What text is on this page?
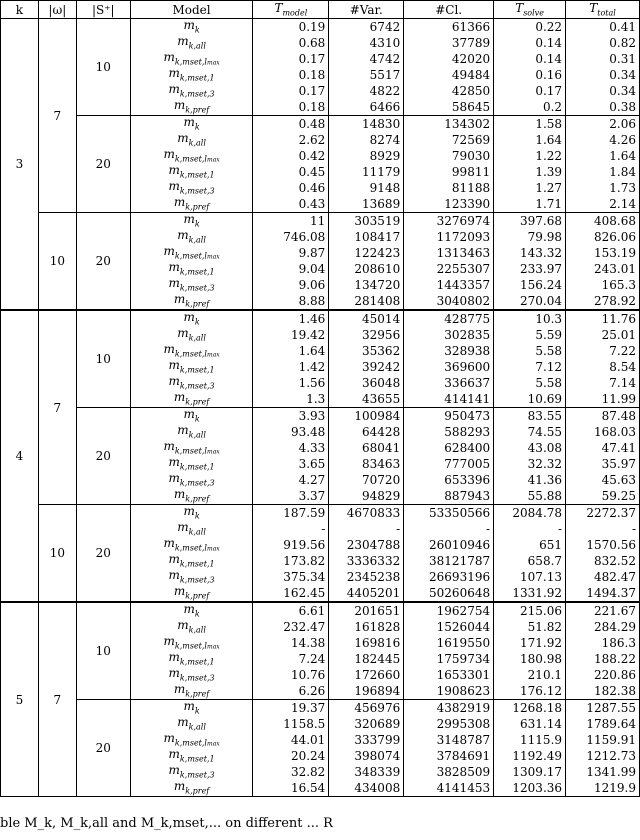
k	|ω|	|S⁺|	Model	$T_{model}$	#Var.	#Cl.	$T_{solve}$	$T_{total}$
3	7	10	$m_k$	0.19	6742	61366	0.22	0.41
			$m_{k,all}$	0.68	4310	37789	0.14	0.82
			$m_{k,mset,lmax}$	0.17	4742	42020	0.14	0.31
			$m_{k,mset,1}$	0.18	5517	49484	0.16	0.34
			$m_{k,mset,3}$	0.17	4822	42850	0.17	0.34
			$m_{k,pref}$	0.18	6466	58645	0.2	0.38
		20	$m_k$	0.48	14830	134302	1.58	2.06
			$m_{k,all}$	2.62	8274	72569	1.64	4.26
			$m_{k,mset,lmax}$	0.42	8929	79030	1.22	1.64
			$m_{k,mset,1}$	0.45	11179	99811	1.39	1.84
			$m_{k,mset,3}$	0.46	9148	81188	1.27	1.73
			$m_{k,pref}$	0.43	13689	123390	1.71	2.14
	10	20	$m_k$	11	303519	3276974	397.68	408.68
			$m_{k,all}$	746.08	108417	1172093	79.98	826.06
			$m_{k,mset,lmax}$	9.87	122423	1313463	143.32	153.19
			$m_{k,mset,1}$	9.04	208610	2255307	233.97	243.01
			$m_{k,mset,3}$	9.06	134720	1443357	156.24	165.3
			$m_{k,pref}$	8.88	281408	3040802	270.04	278.92
4	7	10	$m_k$	1.46	45014	428775	10.3	11.76
			$m_{k,all}$	19.42	32956	302835	5.59	25.01
			$m_{k,mset,lmax}$	1.64	35362	328938	5.58	7.22
			$m_{k,mset,1}$	1.42	39242	369600	7.12	8.54
			$m_{k,mset,3}$	1.56	36048	336637	5.58	7.14
			$m_{k,pref}$	1.3	43655	414141	10.69	11.99
		20	$m_k$	3.93	100984	950473	83.55	87.48
			$m_{k,all}$	93.48	64428	588293	74.55	168.03
			$m_{k,mset,lmax}$	4.33	68041	628400	43.08	47.41
			$m_{k,mset,1}$	3.65	83463	777005	32.32	35.97
			$m_{k,mset,3}$	4.27	70720	653396	41.36	45.63
			$m_{k,pref}$	3.37	94829	887943	55.88	59.25
	10	20	$m_k$	187.59	4670833	53350566	2084.78	2272.37
			$m_{k,all}$	-	-	-	-	-
			$m_{k,mset,lmax}$	919.56	2304788	26010946	651	1570.56
			$m_{k,mset,1}$	173.82	3336332	38121787	658.7	832.52
			$m_{k,mset,3}$	375.34	2345238	26693196	107.13	482.47
			$m_{k,pref}$	162.45	4405201	50260648	1331.92	1494.37
5	7	10	$m_k$	6.61	201651	1962754	215.06	221.67
			$m_{k,all}$	232.47	161828	1526044	51.82	284.29
			$m_{k,mset,lmax}$	14.38	169816	1619550	171.92	186.3
			$m_{k,mset,1}$	7.24	182445	1759734	180.98	188.22
			$m_{k,mset,3}$	10.76	172660	1653301	210.1	220.86
			$m_{k,pref}$	6.26	196894	1908623	176.12	182.38
		20	$m_k$	19.37	456976	4382919	1268.18	1287.55
			$m_{k,all}$	1158.5	320689	2995308	631.14	1789.64
			$m_{k,mset,lmax}$	44.01	333799	3148787	1115.9	1159.91
			$m_{k,mset,1}$	20.24	398074	3784691	1192.49	1212.73
			$m_{k,mset,3}$	32.82	348339	3828509	1309.17	1341.99
			$m_{k,pref}$	16.54	434008	4141453	1203.36	1219.9
ble M_k, M_k,all and M_k,mset,... on different ... R
